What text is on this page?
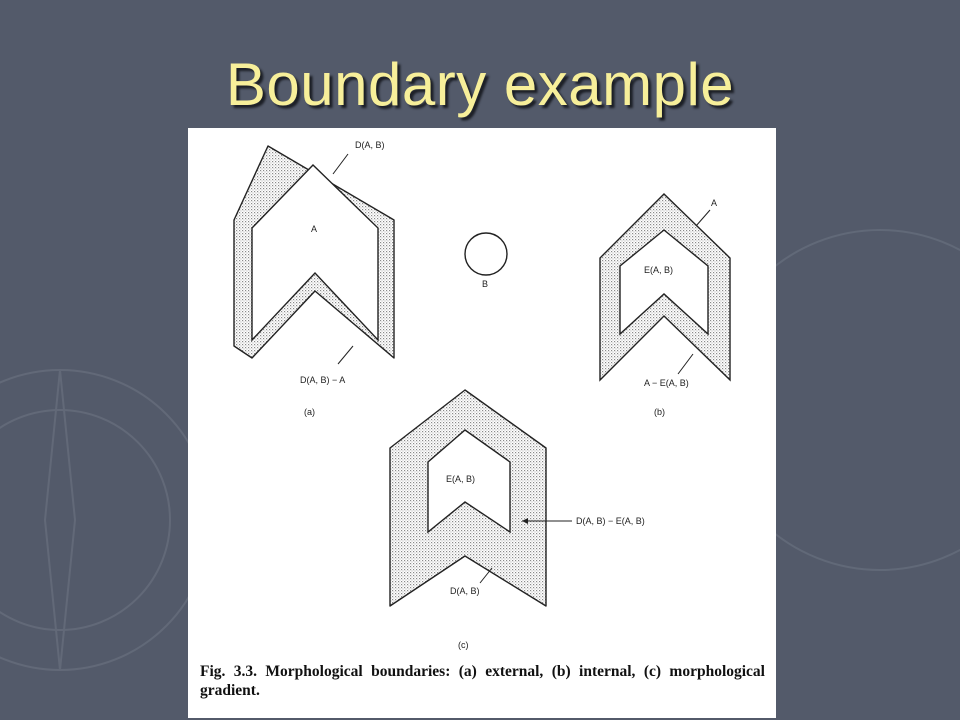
Boundary example
D(A, B)
A
D(A, B) − A
(a)
B
A
E(A, B)
A − E(A, B)
(b)
E(A, B)
D(A, B) − E(A, B)
D(A, B)
(c)
Fig. 3.3. Morphological boundaries: (a) external, (b) internal, (c) morphological gradient.
